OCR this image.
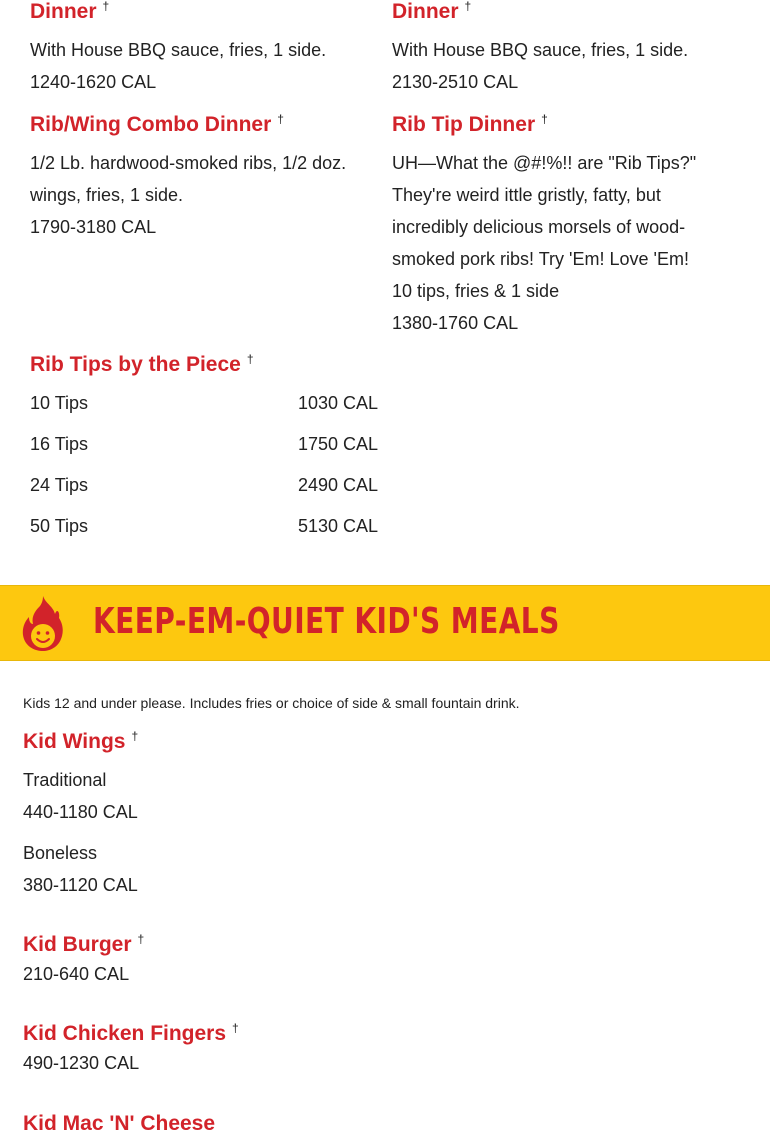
Dinner †
With House BBQ sauce, fries, 1 side.
1240-1620 CAL
Dinner †
With House BBQ sauce, fries, 1 side.
2130-2510 CAL
Rib/Wing Combo Dinner †
1/2 Lb. hardwood-smoked ribs, 1/2 doz.
wings, fries, 1 side.
1790-3180 CAL
Rib Tip Dinner †
UH—What the @#!%!! are "Rib Tips?"
They're weird ittle gristly, fatty, but
incredibly delicious morsels of wood-
smoked pork ribs! Try 'Em! Love 'Em!
10 tips, fries & 1 side
1380-1760 CAL
Rib Tips by the Piece †
10 Tips	1030 CAL
16 Tips	1750 CAL
24 Tips	2490 CAL
50 Tips	5130 CAL
KEEP-EM-QUIET KID'S MEALS
Kids 12 and under please. Includes fries or choice of side & small fountain drink.
Kid Wings †
Traditional
440-1180 CAL
Boneless
380-1120 CAL
Kid Burger †
210-640 CAL
Kid Chicken Fingers †
490-1230 CAL
Kid Mac 'N' Cheese
